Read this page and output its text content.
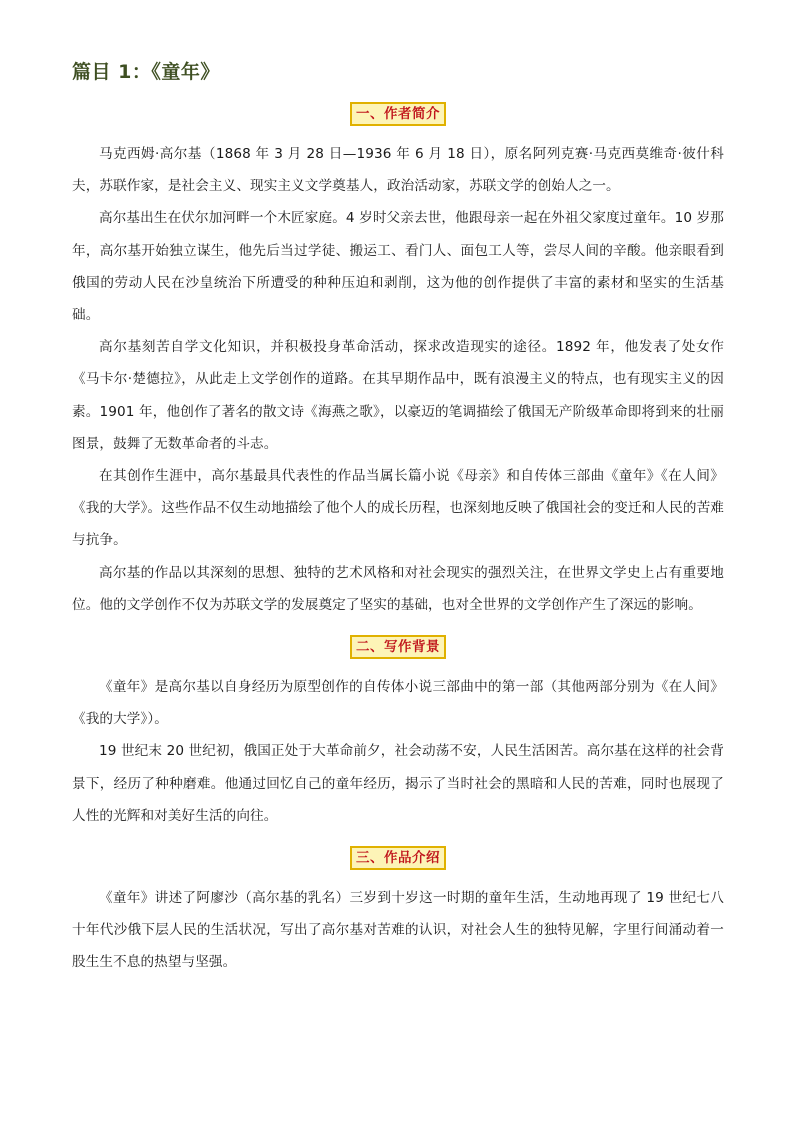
篇目 1：《童年》
一、作者简介

马克西姆·高尔基（1868 年 3 月 28 日—1936 年 6 月 18 日），原名阿列克赛·马克西莫维奇·彼什科夫，苏联作家，是社会主义、现实主义文学奠基人，政治活动家，苏联文学的创始人之一。

高尔基出生在伏尔加河畔一个木匠家庭。4 岁时父亲去世，他跟母亲一起在外祖父家度过童年。10 岁那年，高尔基开始独立谋生，他先后当过学徒、搬运工、看门人、面包工人等，尝尽人间的辛酸。他亲眼看到俄国的劳动人民在沙皇统治下所遭受的种种压迫和剥削，这为他的创作提供了丰富的素材和坚实的生活基础。

高尔基刻苦自学文化知识，并积极投身革命活动，探求改造现实的途径。1892 年，他发表了处女作《马卡尔·楚德拉》，从此走上文学创作的道路。在其早期作品中，既有浪漫主义的特点，也有现实主义的因素。1901 年，他创作了著名的散文诗《海燕之歌》，以豪迈的笔调描绘了俄国无产阶级革命即将到来的壮丽图景，鼓舞了无数革命者的斗志。

在其创作生涯中，高尔基最具代表性的作品当属长篇小说《母亲》和自传体三部曲《童年》《在人间》《我的大学》。这些作品不仅生动地描绘了他个人的成长历程，也深刻地反映了俄国社会的变迁和人民的苦难与抗争。

高尔基的作品以其深刻的思想、独特的艺术风格和对社会现实的强烈关注，在世界文学史上占有重要地位。他的文学创作不仅为苏联文学的发展奠定了坚实的基础，也对全世界的文学创作产生了深远的影响。

二、写作背景

《童年》是高尔基以自身经历为原型创作的自传体小说三部曲中的第一部（其他两部分别为《在人间》《我的大学》）。

19 世纪末 20 世纪初，俄国正处于大革命前夕，社会动荡不安，人民生活困苦。高尔基在这样的社会背景下，经历了种种磨难。他通过回忆自己的童年经历，揭示了当时社会的黑暗和人民的苦难，同时也展现了人性的光辉和对美好生活的向往。

三、作品介绍

《童年》讲述了阿廖沙（高尔基的乳名）三岁到十岁这一时期的童年生活，生动地再现了 19 世纪七八十年代沙俄下层人民的生活状况，写出了高尔基对苦难的认识，对社会人生的独特见解，字里行间涌动着一股生生不息的热望与坚强。
